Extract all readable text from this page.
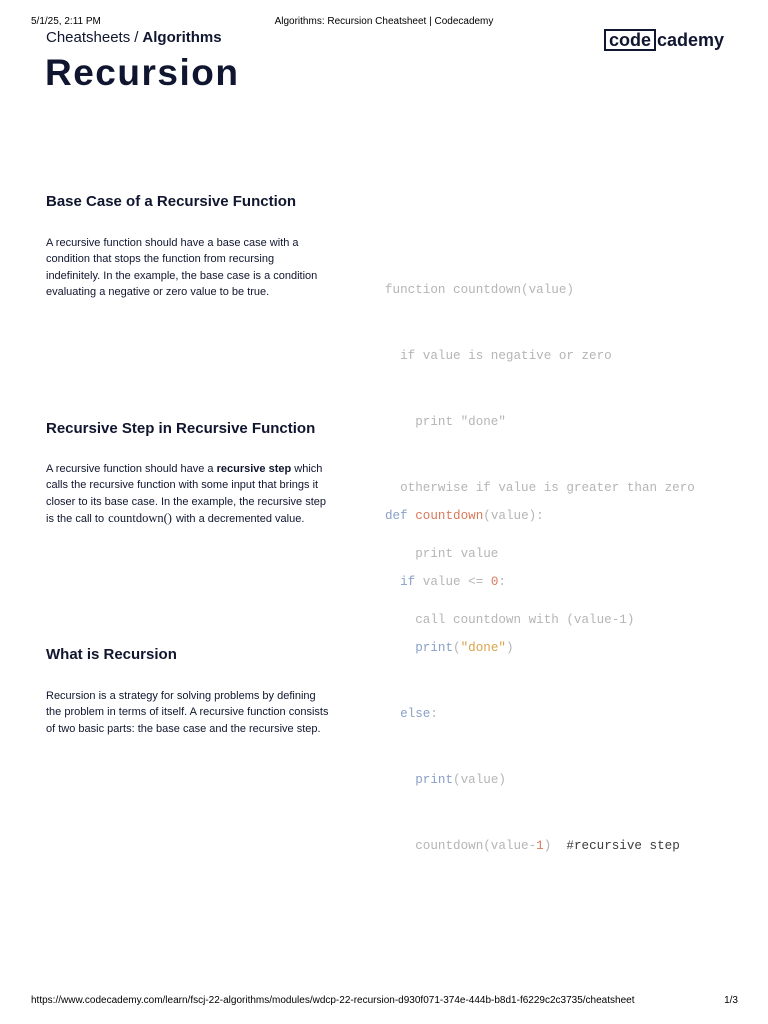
5/1/25, 2:11 PM	Algorithms: Recursion Cheatsheet | Codecademy
Cheatsheets / Algorithms	code cademy
Recursion
Base Case of a Recursive Function

A recursive function should have a base case with a condition that stops the function from recursing indefinitely. In the example, the base case is a condition evaluating a negative or zero value to be true.

	function countdown(value)

if value is negative or zero

print "done"

otherwise if value is greater than zero

print value

call countdown with (value-1)

Recursive Step in Recursive Function

A recursive function should have a recursive step which calls the recursive function with some input that brings it closer to its base case. In the example, the recursive step is the call to countdown() with a decremented value.

	def countdown(value):

if value <= 0:

print("done")

else:

print(value)

countdown(value-1) #recursive step

What is Recursion

Recursion is a strategy for solving problems by defining the problem in terms of itself. A recursive function consists of two basic parts: the base case and the recursive step.

https://www.codecademy.com/learn/fscj-22-algorithms/modules/wdcp-22-recursion-d930f071-374e-444b-b8d1-f6229c2c3735/cheatsheet	1/3
